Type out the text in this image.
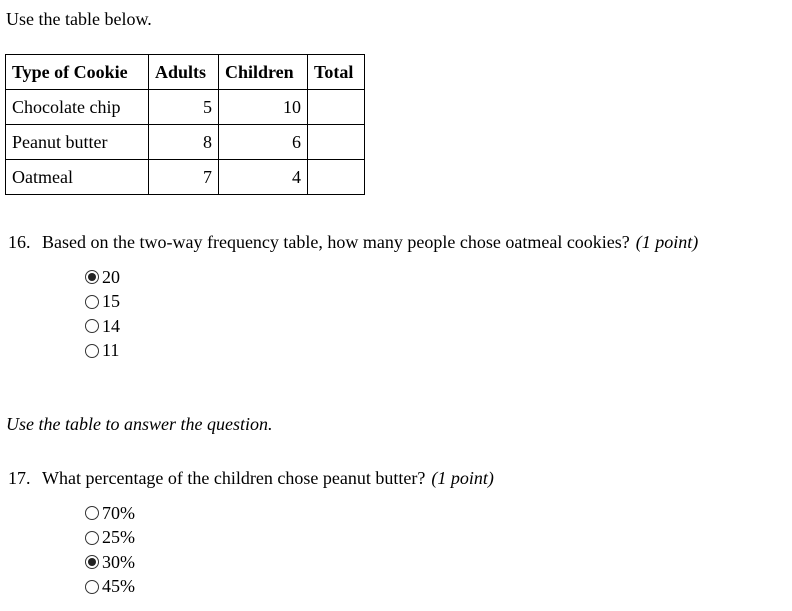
Use the table below.
Type of Cookie	Adults	Children	Total
Chocolate chip	5	10	
Peanut butter	8	6	
Oatmeal	7	4	
16. Based on the two-way frequency table, how many people chose oatmeal cookies? (1 point)
20
15
14
11
Use the table to answer the question.
17. What percentage of the children chose peanut butter? (1 point)
70%
25%
30%
45%
